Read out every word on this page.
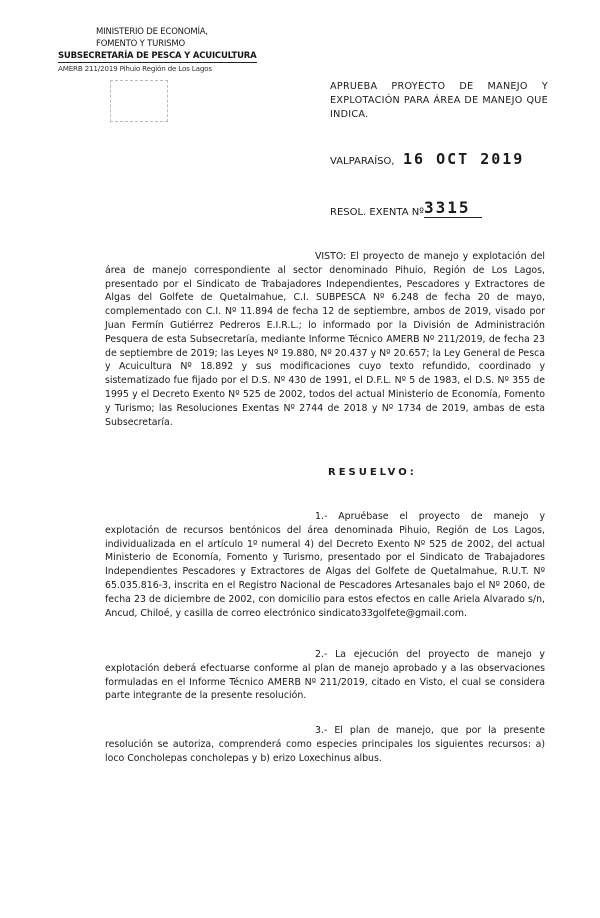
MINISTERIO DE ECONOMÍA,
FOMENTO Y TURISMO
SUBSECRETARÍA DE PESCA Y ACUICULTURA
AMERB 211/2019 Pihuio Región de Los Lagos
APRUEBA PROYECTO DE MANEJO Y EXPLOTACIÓN PARA ÁREA DE MANEJO QUE INDICA.
VALPARAÍSO, 16 OCT 2019
RESOL. EXENTA Nº 3315
VISTO: El proyecto de manejo y explotación del área de manejo correspondiente al sector denominado Pihuio, Región de Los Lagos, presentado por el Sindicato de Trabajadores Independientes, Pescadores y Extractores de Algas del Golfete de Quetalmahue, C.I. SUBPESCA Nº 6.248 de fecha 20 de mayo, complementado con C.I. Nº 11.894 de fecha 12 de septiembre, ambos de 2019, visado por Juan Fermín Gutiérrez Pedreros E.I.R.L.; lo informado por la División de Administración Pesquera de esta Subsecretaría, mediante Informe Técnico AMERB Nº 211/2019, de fecha 23 de septiembre de 2019; las Leyes Nº 19.880, Nº 20.437 y Nº 20.657; la Ley General de Pesca y Acuicultura Nº 18.892 y sus modificaciones cuyo texto refundido, coordinado y sistematizado fue fijado por el D.S. Nº 430 de 1991, el D.F.L. Nº 5 de 1983, el D.S. Nº 355 de 1995 y el Decreto Exento Nº 525 de 2002, todos del actual Ministerio de Economía, Fomento y Turismo; las Resoluciones Exentas Nº 2744 de 2018 y Nº 1734 de 2019, ambas de esta Subsecretaría.
RESUELVO:
1.- Apruébase el proyecto de manejo y explotación de recursos bentónicos del área denominada Pihuio, Región de Los Lagos, individualizada en el artículo 1º numeral 4) del Decreto Exento Nº 525 de 2002, del actual Ministerio de Economía, Fomento y Turismo, presentado por el Sindicato de Trabajadores Independientes Pescadores y Extractores de Algas del Golfete de Quetalmahue, R.U.T. Nº 65.035.816-3, inscrita en el Registro Nacional de Pescadores Artesanales bajo el Nº 2060, de fecha 23 de diciembre de 2002, con domicilio para estos efectos en calle Ariela Alvarado s/n, Ancud, Chiloé, y casilla de correo electrónico sindicato33golfete@gmail.com.
2.- La ejecución del proyecto de manejo y explotación deberá efectuarse conforme al plan de manejo aprobado y a las observaciones formuladas en el Informe Técnico AMERB Nº 211/2019, citado en Visto, el cual se considera parte integrante de la presente resolución.
3.- El plan de manejo, que por la presente resolución se autoriza, comprenderá como especies principales los siguientes recursos: a) loco Concholepas concholepas y b) erizo Loxechinus albus.
